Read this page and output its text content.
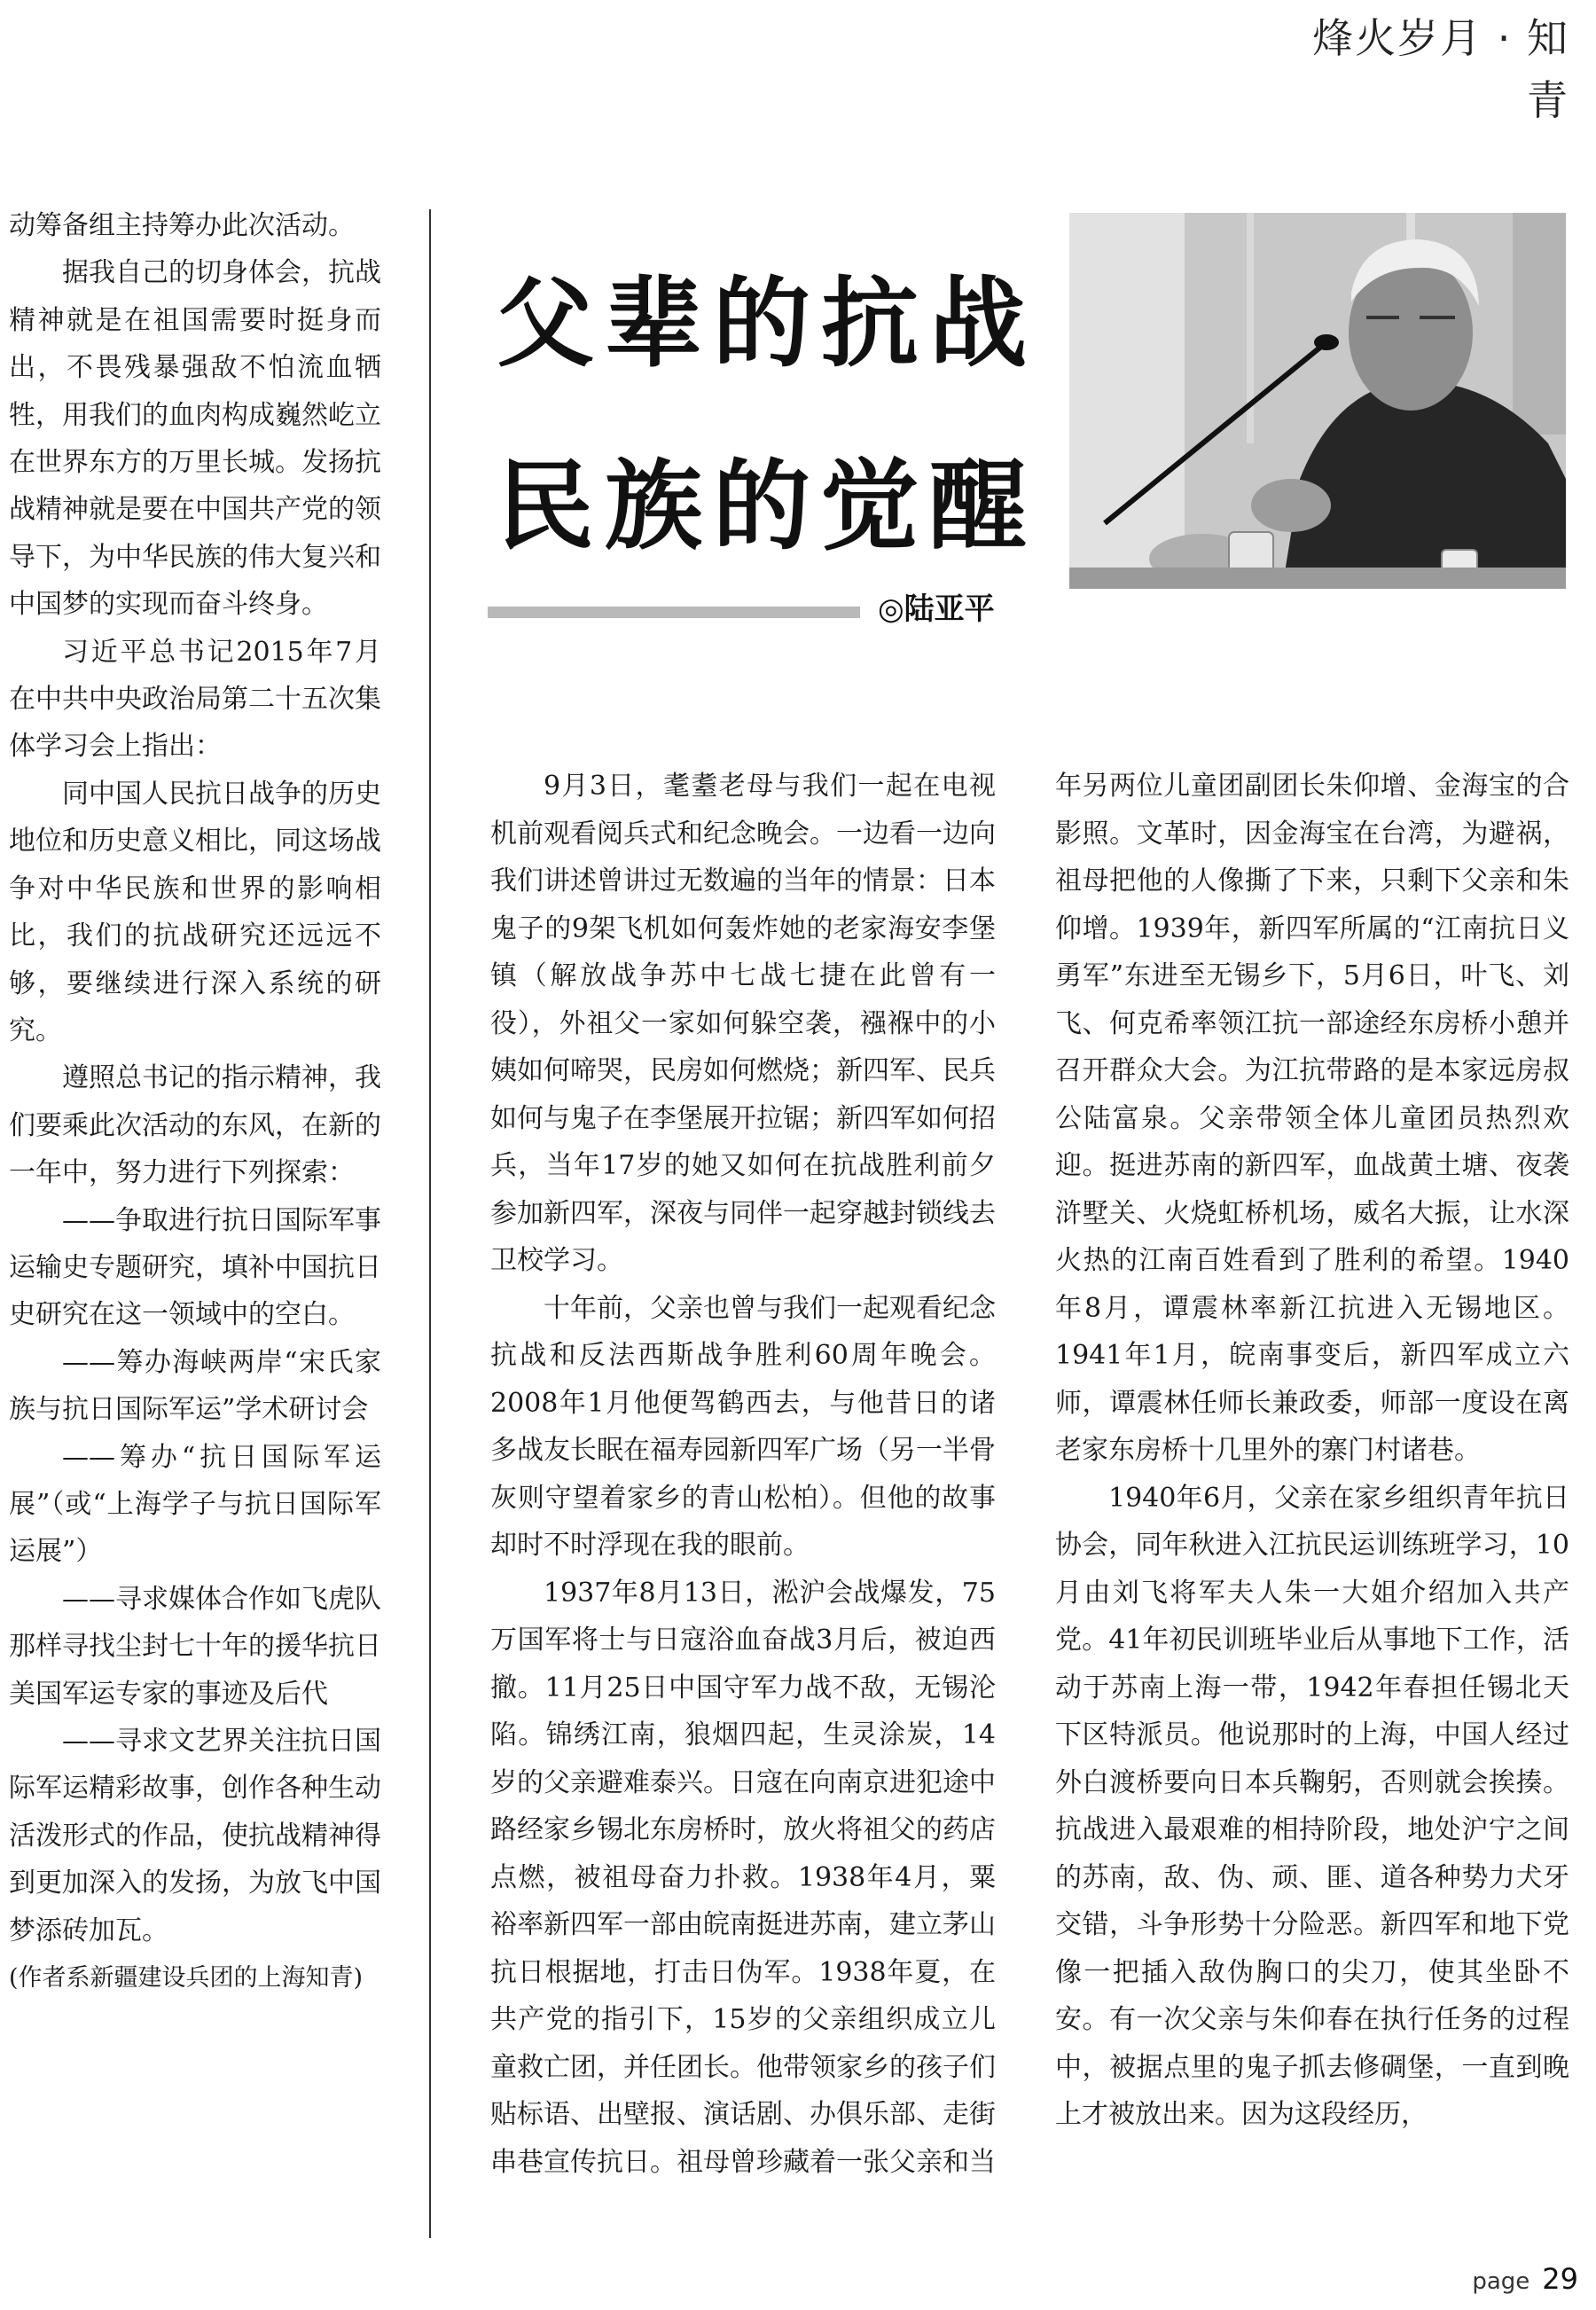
烽火岁月 · 知青

动筹备组主持筹办此次活动。

据我自己的切身体会，抗战精神就是在祖国需要时挺身而出，不畏残暴强敌不怕流血牺牲，用我们的血肉构成巍然屹立在世界东方的万里长城。发扬抗战精神就是要在中国共产党的领导下，为中华民族的伟大复兴和中国梦的实现而奋斗终身。

习近平总书记2015年7月在中共中央政治局第二十五次集体学习会上指出：

同中国人民抗日战争的历史地位和历史意义相比，同这场战争对中华民族和世界的影响相比，我们的抗战研究还远远不够，要继续进行深入系统的研究。

遵照总书记的指示精神，我们要乘此次活动的东风，在新的一年中，努力进行下列探索：

——争取进行抗日国际军事运输史专题研究，填补中国抗日史研究在这一领域中的空白。

——筹办海峡两岸“宋氏家族与抗日国际军运”学术研讨会

——筹办“抗日国际军运展”（或“上海学子与抗日国际军运展”）

——寻求媒体合作如飞虎队那样寻找尘封七十年的援华抗日美国军运专家的事迹及后代

——寻求文艺界关注抗日国际军运精彩故事，创作各种生动活泼形式的作品，使抗战精神得到更加深入的发扬，为放飞中国梦添砖加瓦。

(作者系新疆建设兵团的上海知青)

父辈的抗战
民族的觉醒
◎陆亚平

9月3日，耄耋老母与我们一起在电视机前观看阅兵式和纪念晚会。一边看一边向我们讲述曾讲过无数遍的当年的情景：日本鬼子的9架飞机如何轰炸她的老家海安李堡镇（解放战争苏中七战七捷在此曾有一役），外祖父一家如何躲空袭，襁褓中的小姨如何啼哭，民房如何燃烧；新四军、民兵如何与鬼子在李堡展开拉锯；新四军如何招兵，当年17岁的她又如何在抗战胜利前夕参加新四军，深夜与同伴一起穿越封锁线去卫校学习。

十年前，父亲也曾与我们一起观看纪念抗战和反法西斯战争胜利60周年晚会。2008年1月他便驾鹤西去，与他昔日的诸多战友长眠在福寿园新四军广场（另一半骨灰则守望着家乡的青山松柏）。但他的故事却时不时浮现在我的眼前。

1937年8月13日，淞沪会战爆发，75万国军将士与日寇浴血奋战3月后，被迫西撤。11月25日中国守军力战不敌，无锡沦陷。锦绣江南，狼烟四起，生灵涂炭，14岁的父亲避难泰兴。日寇在向南京进犯途中路经家乡锡北东房桥时，放火将祖父的药店点燃，被祖母奋力扑救。1938年4月，粟裕率新四军一部由皖南挺进苏南，建立茅山抗日根据地，打击日伪军。1938年夏，在共产党的指引下，15岁的父亲组织成立儿童救亡团，并任团长。他带领家乡的孩子们贴标语、出壁报、演话剧、办俱乐部、走街串巷宣传抗日。祖母曾珍藏着一张父亲和当

年另两位儿童团副团长朱仰增、金海宝的合影照。文革时，因金海宝在台湾，为避祸，祖母把他的人像撕了下来，只剩下父亲和朱仰增。1939年，新四军所属的“江南抗日义勇军”东进至无锡乡下，5月6日，叶飞、刘飞、何克希率领江抗一部途经东房桥小憩并召开群众大会。为江抗带路的是本家远房叔公陆富泉。父亲带领全体儿童团员热烈欢迎。挺进苏南的新四军，血战黄土塘、夜袭浒墅关、火烧虹桥机场，威名大振，让水深火热的江南百姓看到了胜利的希望。1940年8月，谭震林率新江抗进入无锡地区。1941年1月，皖南事变后，新四军成立六师，谭震林任师长兼政委，师部一度设在离老家东房桥十几里外的寨门村诸巷。

1940年6月，父亲在家乡组织青年抗日协会，同年秋进入江抗民运训练班学习，10月由刘飞将军夫人朱一大姐介绍加入共产党。41年初民训班毕业后从事地下工作，活动于苏南上海一带，1942年春担任锡北天下区特派员。他说那时的上海，中国人经过外白渡桥要向日本兵鞠躬，否则就会挨揍。抗战进入最艰难的相持阶段，地处沪宁之间的苏南，敌、伪、顽、匪、道各种势力犬牙交错，斗争形势十分险恶。新四军和地下党像一把插入敌伪胸口的尖刀，使其坐卧不安。有一次父亲与朱仰春在执行任务的过程中，被据点里的鬼子抓去修碉堡，一直到晚上才被放出来。因为这段经历，

page 29
